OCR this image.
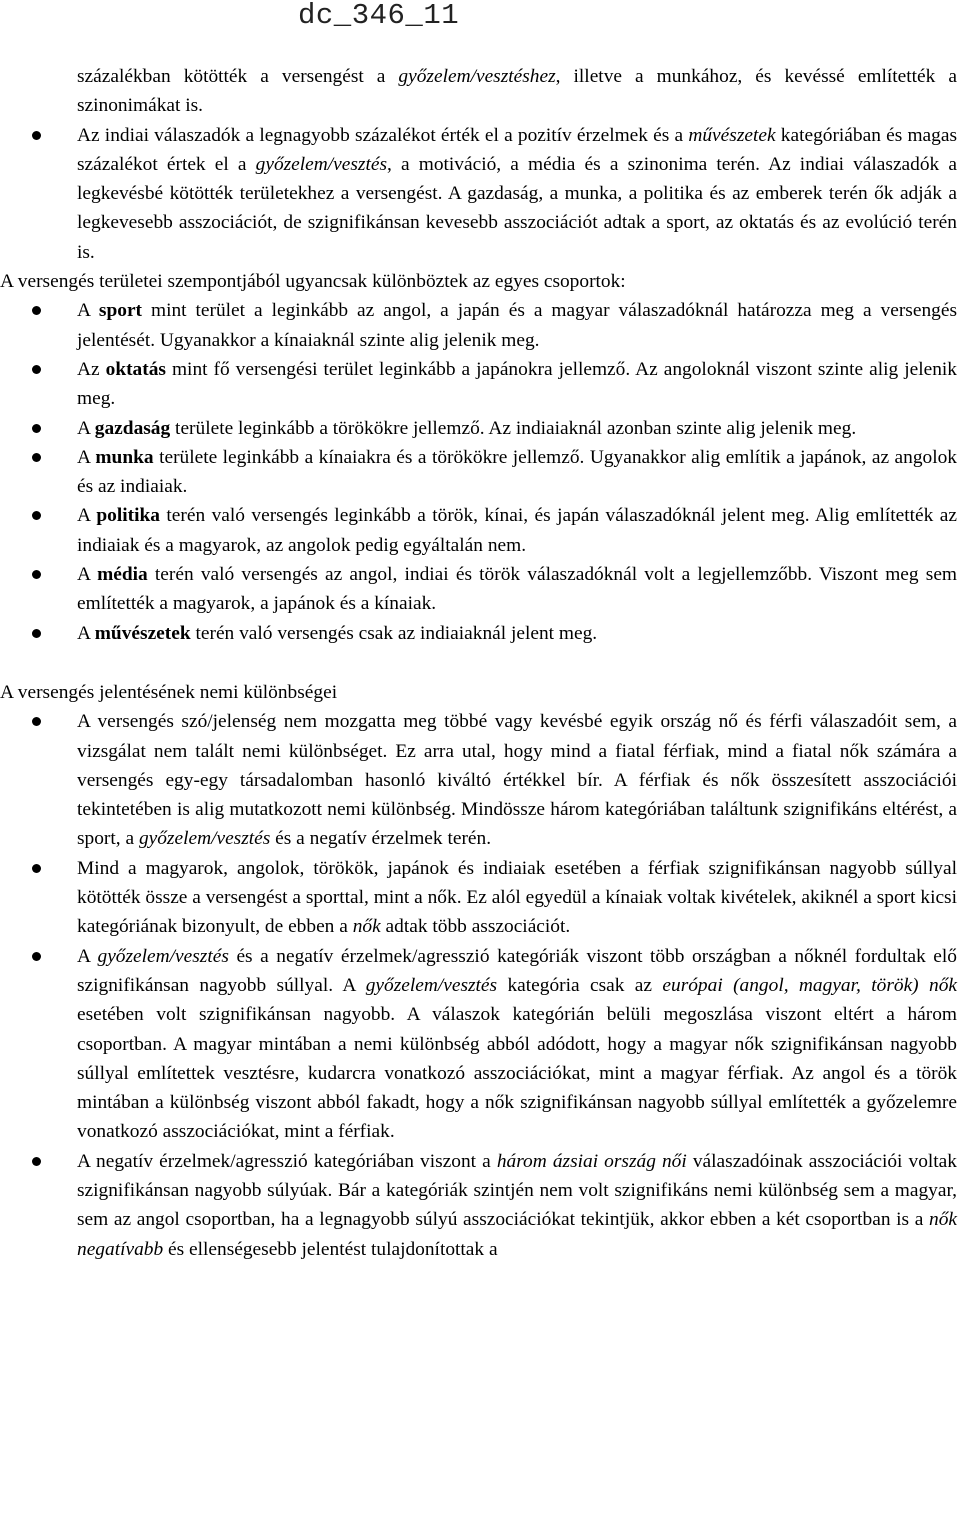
dc_346_11
százalékban kötötték a versengést a győzelem/vesztéshez, illetve a munkához, és kevéssé említették a szinonimákat is.
Az indiai válaszadók a legnagyobb százalékot érték el a pozitív érzelmek és a művészetek kategóriában és magas százalékot értek el a győzelem/vesztés, a motiváció, a média és a szinonima terén. Az indiai válaszadók a legkevésbé kötötték területekhez a versengést. A gazdaság, a munka, a politika és az emberek terén ők adják a legkevesebb asszociációt, de szignifikánsan kevesebb asszociációt adtak a sport, az oktatás és az evolúció terén is.

A versengés területei szempontjából ugyancsak különböztek az egyes csoportok:

A sport mint terület a leginkább az angol, a japán és a magyar válaszadóknál határozza meg a versengés jelentését. Ugyanakkor a kínaiaknál szinte alig jelenik meg.
Az oktatás mint fő versengési terület leginkább a japánokra jellemző. Az angoloknál viszont szinte alig jelenik meg.
A gazdaság területe leginkább a törökökre jellemző. Az indiaiaknál azonban szinte alig jelenik meg.
A munka területe leginkább a kínaiakra és a törökökre jellemző. Ugyanakkor alig említik a japánok, az angolok és az indiaiak.
A politika terén való versengés leginkább a török, kínai, és japán válaszadóknál jelent meg. Alig említették az indiaiak és a magyarok, az angolok pedig egyáltalán nem.
A média terén való versengés az angol, indiai és török válaszadóknál volt a legjellemzőbb. Viszont meg sem említették a magyarok, a japánok és a kínaiak.
A művészetek terén való versengés csak az indiaiaknál jelent meg.

A versengés jelentésének nemi különbségei

A versengés szó/jelenség nem mozgatta meg többé vagy kevésbé egyik ország nő és férfi válaszadóit sem, a vizsgálat nem talált nemi különbséget. Ez arra utal, hogy mind a fiatal férfiak, mind a fiatal nők számára a versengés egy-egy társadalomban hasonló kiváltó értékkel bír. A férfiak és nők összesített asszociációi tekintetében is alig mutatkozott nemi különbség. Mindössze három kategóriában találtunk szignifikáns eltérést, a sport, a győzelem/vesztés és a negatív érzelmek terén.
Mind a magyarok, angolok, törökök, japánok és indiaiak esetében a férfiak szignifikánsan nagyobb súllyal kötötték össze a versengést a sporttal, mint a nők. Ez alól egyedül a kínaiak voltak kivételek, akiknél a sport kicsi kategóriának bizonyult, de ebben a nők adtak több asszociációt.
A győzelem/vesztés és a negatív érzelmek/agresszió kategóriák viszont több országban a nőknél fordultak elő szignifikánsan nagyobb súllyal. A győzelem/vesztés kategória csak az európai (angol, magyar, török) nők esetében volt szignifikánsan nagyobb. A válaszok kategórián belüli megoszlása viszont eltért a három csoportban. A magyar mintában a nemi különbség abból adódott, hogy a magyar nők szignifikánsan nagyobb súllyal említettek vesztésre, kudarcra vonatkozó asszociációkat, mint a magyar férfiak. Az angol és a török mintában a különbség viszont abból fakadt, hogy a nők szignifikánsan nagyobb súllyal említették a győzelemre vonatkozó asszociációkat, mint a férfiak.
A negatív érzelmek/agresszió kategóriában viszont a három ázsiai ország női válaszadóinak asszociációi voltak szignifikánsan nagyobb súlyúak. Bár a kategóriák szintjén nem volt szignifikáns nemi különbség sem a magyar, sem az angol csoportban, ha a legnagyobb súlyú asszociációkat tekintjük, akkor ebben a két csoportban is a nők negatívabb és ellenségesebb jelentést tulajdonítottak a
